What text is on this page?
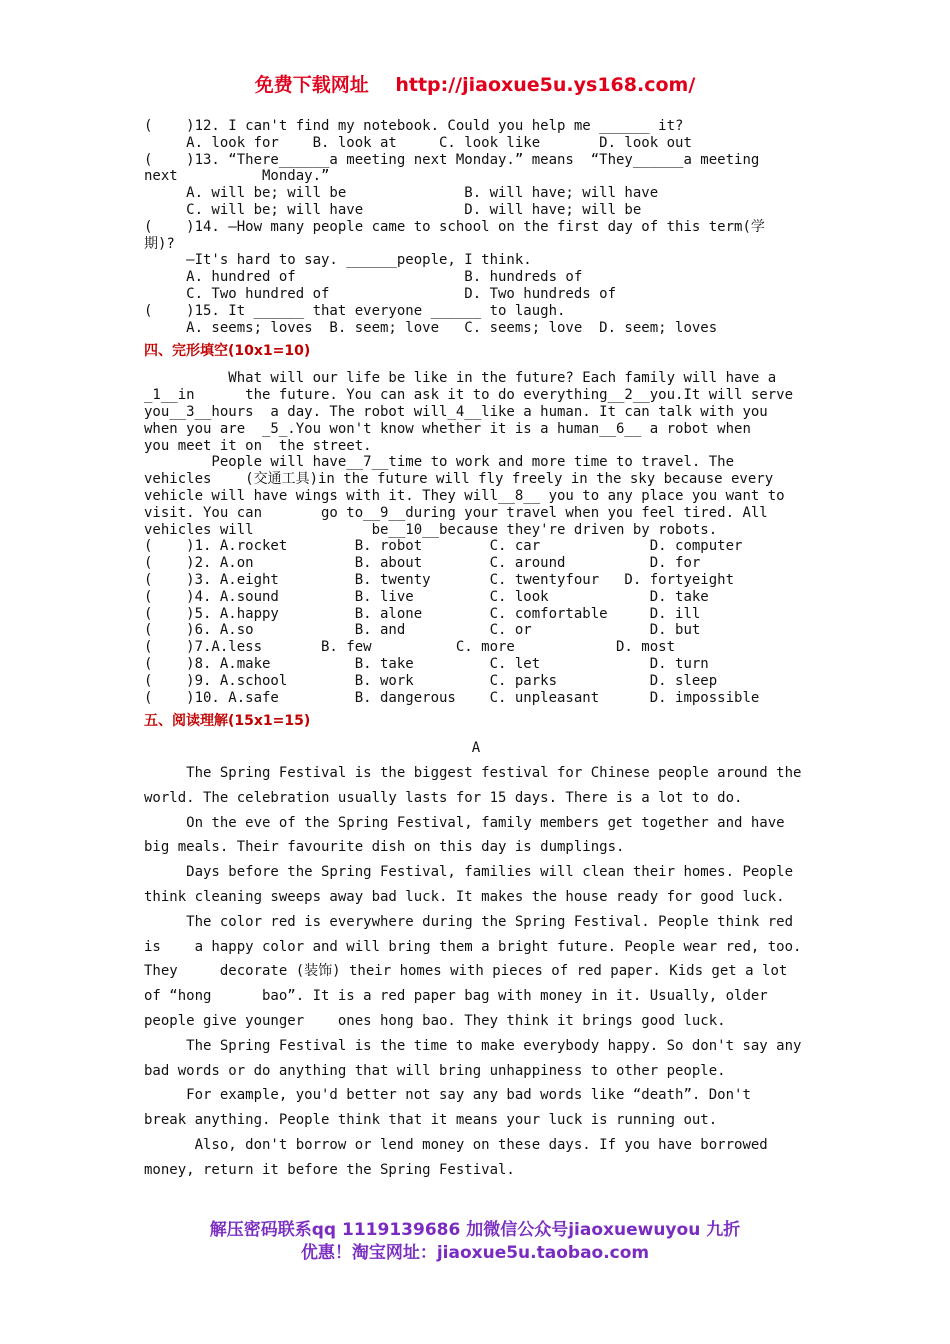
免费下载网址 http://jiaoxue5u.ys168.com/
(    )12. I can't find my notebook. Could you help me ______ it?
A. look for    B. look at     C. look like       D. look out
(    )13. “There______a meeting next Monday.” means  “They______a meeting
next          Monday.”
A. will be; will be              B. will have; will have
C. will be; will have            D. will have; will be
(    )14. —How many people came to school on the first day of this term(学
期)?
—It's hard to say. ______people, I think.
A. hundred of                    B. hundreds of
C. Two hundred of                D. Two hundreds of
(    )15. It ______ that everyone ______ to laugh.
A. seems; loves  B. seem; love   C. seems; love  D. seem; loves
四、完形填空(10x1=10)
What will our life be like in the future? Each family will have a
_1__in      the future. You can ask it to do everything__2__you.It will serve
you__3__hours  a day. The robot will_4__like a human. It can talk with you
when you are  _5_.You won't know whether it is a human__6__ a robot when
you meet it on  the street.
People will have__7__time to work and more time to travel. The
vehicles    (交通工具)in the future will fly freely in the sky because every
vehicle will have wings with it. They will__8__ you to any place you want to
visit. You can       go to__9__during your travel when you feel tired. All
vehicles will              be__10__because they're driven by robots.
(    )1. A.rocket        B. robot        C. car             D. computer
(    )2. A.on            B. about        C. around          D. for
(    )3. A.eight         B. twenty       C. twentyfour   D. fortyeight
(    )4. A.sound         B. live         C. look            D. take
(    )5. A.happy         B. alone        C. comfortable     D. ill
(    )6. A.so            B. and          C. or              D. but
(    )7.A.less       B. few          C. more            D. most
(    )8. A.make          B. take         C. let             D. turn
(    )9. A.school        B. work         C. parks           D. sleep
(    )10. A.safe         B. dangerous    C. unpleasant      D. impossible
五、阅读理解(15x1=15)
A
The Spring Festival is the biggest festival for Chinese people around the
world. The celebration usually lasts for 15 days. There is a lot to do.
On the eve of the Spring Festival, family members get together and have
big meals. Their favourite dish on this day is dumplings.
Days before the Spring Festival, families will clean their homes. People
think cleaning sweeps away bad luck. It makes the house ready for good luck.
The color red is everywhere during the Spring Festival. People think red
is    a happy color and will bring them a bright future. People wear red, too.
They     decorate (装饰) their homes with pieces of red paper. Kids get a lot
of “hong      bao”. It is a red paper bag with money in it. Usually, older
people give younger    ones hong bao. They think it brings good luck.
The Spring Festival is the time to make everybody happy. So don't say any
bad words or do anything that will bring unhappiness to other people.
For example, you'd better not say any bad words like “death”. Don't
break anything. People think that it means your luck is running out.
Also, don't borrow or lend money on these days. If you have borrowed
money, return it before the Spring Festival.
解压密码联系qq 1119139686 加微信公众号jiaoxuewuyou 九折
优惠！淘宝网址：jiaoxue5u.taobao.com
